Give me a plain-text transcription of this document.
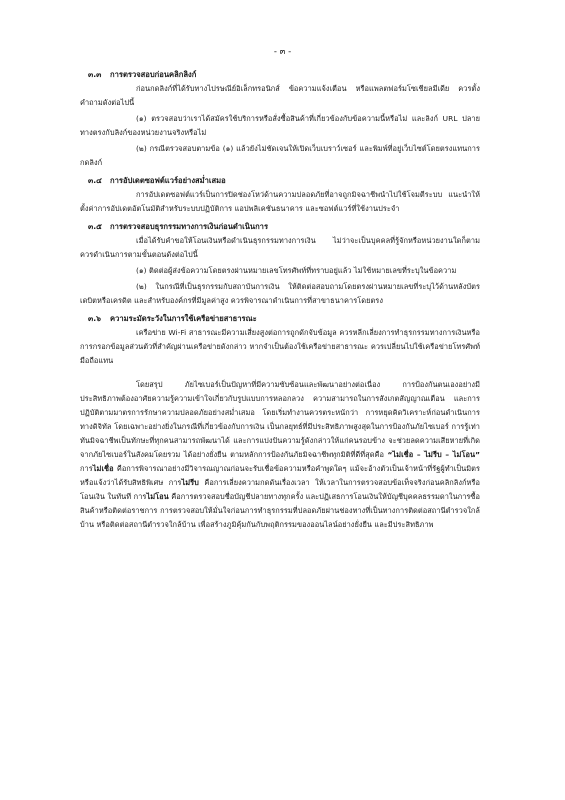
- ๓ -
๓.๓ การตรวจสอบก่อนคลิกลิงก์

ก่อนกดลิงก์ที่ได้รับทางไปรษณีย์อิเล็กทรอนิกส์ ข้อความแจ้งเตือน หรือแพลตฟอร์มโซเชียลมีเดีย ควรตั้งคำถามดังต่อไปนี้

(๑) ตรวจสอบว่าเราได้สมัครใช้บริการหรือสั่งซื้อสินค้าที่เกี่ยวข้องกับข้อความนี้หรือไม่ และลิงก์ URL ปลายทางตรงกับลิงก์ของหน่วยงานจริงหรือไม่

(๒) กรณีตรวจสอบตามข้อ (๑) แล้วยังไม่ชัดเจนให้เปิดเว็บเบราว์เซอร์ และพิมพ์ที่อยู่เว็บไซต์โดยตรงแทนการกดลิงก์

๓.๔ การอัปเดตซอฟต์แวร์อย่างสม่ำเสมอ

การอัปเดตซอฟต์แวร์เป็นการปิดช่องโหว่ด้านความปลอดภัยที่อาจถูกมิจฉาชีพนำไปใช้โจมตีระบบ แนะนำให้ตั้งค่าการอัปเดตอัตโนมัติสำหรับระบบปฏิบัติการ แอปพลิเคชันธนาคาร และซอฟต์แวร์ที่ใช้งานประจำ

๓.๕ การตรวจสอบธุรกรรมทางการเงินก่อนดำเนินการ

เมื่อได้รับคำขอให้โอนเงินหรือดำเนินธุรกรรมทางการเงิน ไม่ว่าจะเป็นบุคคลที่รู้จักหรือหน่วยงานใดก็ตาม ควรดำเนินการตามขั้นตอนดังต่อไปนี้

(๑) ติดต่อผู้ส่งข้อความโดยตรงผ่านหมายเลขโทรศัพท์ที่ทราบอยู่แล้ว ไม่ใช้หมายเลขที่ระบุในข้อความ

(๒) ในกรณีที่เป็นธุรกรรมกับสถาบันการเงิน ให้ติดต่อสอบถามโดยตรงผ่านหมายเลขที่ระบุไว้ด้านหลังบัตรเดบิตหรือเครดิต และสำหรับองค์กรที่มีมูลค่าสูง ควรพิจารณาดำเนินการที่สาขาธนาคารโดยตรง

๓.๖ ความระมัดระวังในการใช้เครือข่ายสาธารณะ

เครือข่าย Wi-Fi สาธารณะมีความเสี่ยงสูงต่อการถูกดักจับข้อมูล ควรหลีกเลี่ยงการทำธุรกรรมทางการเงินหรือการกรอกข้อมูลส่วนตัวที่สำคัญผ่านเครือข่ายดังกล่าว หากจำเป็นต้องใช้เครือข่ายสาธารณะ ควรเปลี่ยนไปใช้เครือข่ายโทรศัพท์มือถือแทน

โดยสรุป ภัยไซเบอร์เป็นปัญหาที่มีความซับซ้อนและพัฒนาอย่างต่อเนื่อง การป้องกันตนเองอย่างมีประสิทธิภาพต้องอาศัยความรู้ความเข้าใจเกี่ยวกับรูปแบบการหลอกลวง ความสามารถในการสังเกตสัญญาณเตือน และการปฏิบัติตามมาตรการรักษาความปลอดภัยอย่างสม่ำเสมอ โดยเริ่มทำงานควรตระหนักว่า การหยุดคิดวิเคราะห์ก่อนดำเนินการทางดิจิทัล โดยเฉพาะอย่างยิ่งในกรณีที่เกี่ยวข้องกับการเงิน เป็นกลยุทธ์ที่มีประสิทธิภาพสูงสุดในการป้องกันภัยไซเบอร์ การรู้เท่าทันมิจฉาชีพเป็นทักษะที่ทุกคนสามารถพัฒนาได้ และการแบ่งปันความรู้ดังกล่าวให้แก่คนรอบข้าง จะช่วยลดความเสียหายที่เกิดจากภัยไซเบอร์ในสังคมโดยรวม ได้อย่างยั่งยืน ตามหลักการป้องกันภัยมิจฉาชีพทุกมิติที่ดีที่สุดคือ “ไม่เชื่อ – ไม่รีบ – ไม่โอน” การไม่เชื่อ คือการพิจารณาอย่างมีวิจารณญาณก่อนจะรับเชื่อข้อความหรือคำพูดใดๆ แม้จะอ้างตัวเป็นเจ้าหน้าที่รัฐผู้ทำเป็นมิตร หรือแจ้งว่าได้รับสิทธิพิเศษ การไม่รีบ คือการเลี่ยงความกดดันเรื่องเวลา ให้เวลาในการตรวจสอบข้อเท็จจริงก่อนคลิกลิงก์หรือโอนเงิน ในทันที การไม่โอน คือการตรวจสอบชื่อบัญชีปลายทางทุกครั้ง และปฏิเสธการโอนเงินให้บัญชีบุคคลธรรมดาในการซื้อสินค้าหรือติดต่อราชการ การตรวจสอบให้มั่นใจก่อนการทำธุรกรรมที่ปลอดภัยผ่านช่องทางที่เป็นทางการติดต่อสถานีตำรวจใกล้บ้าน หรือติดต่อสถานีตำรวจใกล้บ้าน เพื่อสร้างภูมิคุ้มกันกับพฤติกรรมของออนไลน์อย่างยั่งยืน และมีประสิทธิภาพ
